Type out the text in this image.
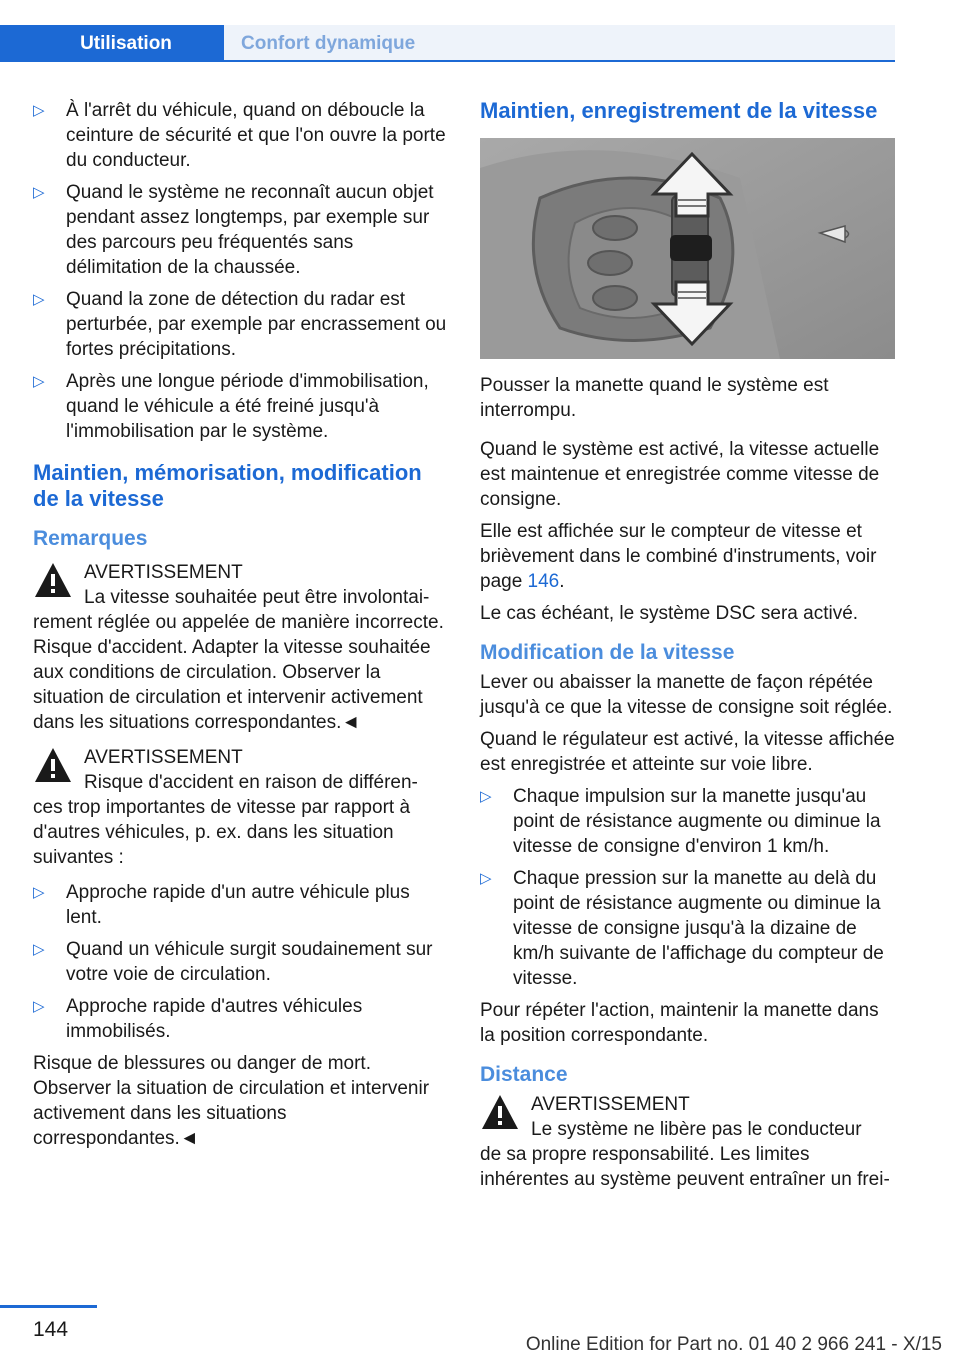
Utilisation	Confort dynamique
▷ À l'arrêt du véhicule, quand on déboucle la ceinture de sécurité et que l'on ouvre la porte du conducteur.
▷ Quand le système ne reconnaît aucun objet pendant assez longtemps, par exemple sur des parcours peu fréquentés sans délimitation de la chaussée.
▷ Quand la zone de détection du radar est perturbée, par exemple par encrassement ou fortes précipitations.
▷ Après une longue période d'immobilisation, quand le véhicule a été freiné jusqu'à l'immobilisation par le système.
Maintien, mémorisation, modification de la vitesse
Remarques
AVERTISSEMENT
La vitesse souhaitée peut être involontai-
rement réglée ou appelée de manière incorrecte. Risque d'accident. Adapter la vitesse souhaitée aux conditions de circulation. Observer la situation de circulation et intervenir activement dans les situations correspondantes.◄
AVERTISSEMENT
Risque d'accident en raison de différen-
ces trop importantes de vitesse par rapport à d'autres véhicules, p. ex. dans les situation suivantes :
▷ Approche rapide d'un autre véhicule plus lent.
▷ Quand un véhicule surgit soudainement sur votre voie de circulation.
▷ Approche rapide d'autres véhicules immobilisés.

Risque de blessures ou danger de mort. Observer la situation de circulation et intervenir activement dans les situations correspondantes.◄

Maintien, enregistrement de la vitesse

Pousser la manette quand le système est interrompu.

Quand le système est activé, la vitesse actuelle est maintenue et enregistrée comme vitesse de consigne.

Elle est affichée sur le compteur de vitesse et brièvement dans le combiné d'instruments, voir page 146.

Le cas échéant, le système DSC sera activé.

Modification de la vitesse

Lever ou abaisser la manette de façon répétée jusqu'à ce que la vitesse de consigne soit réglée.

Quand le régulateur est activé, la vitesse affichée est enregistrée et atteinte sur voie libre.

▷ Chaque impulsion sur la manette jusqu'au point de résistance augmente ou diminue la vitesse de consigne d'environ 1 km/h.
▷ Chaque pression sur la manette au delà du point de résistance augmente ou diminue la vitesse de consigne jusqu'à la dizaine de km/h suivante de l'affichage du compteur de vitesse.

Pour répéter l'action, maintenir la manette dans la position correspondante.

Distance
AVERTISSEMENT
Le système ne libère pas le conducteur
de sa propre responsabilité. Les limites inhérentes au système peuvent entraîner un frei-
144
Online Edition for Part no. 01 40 2 966 241 - X/15
